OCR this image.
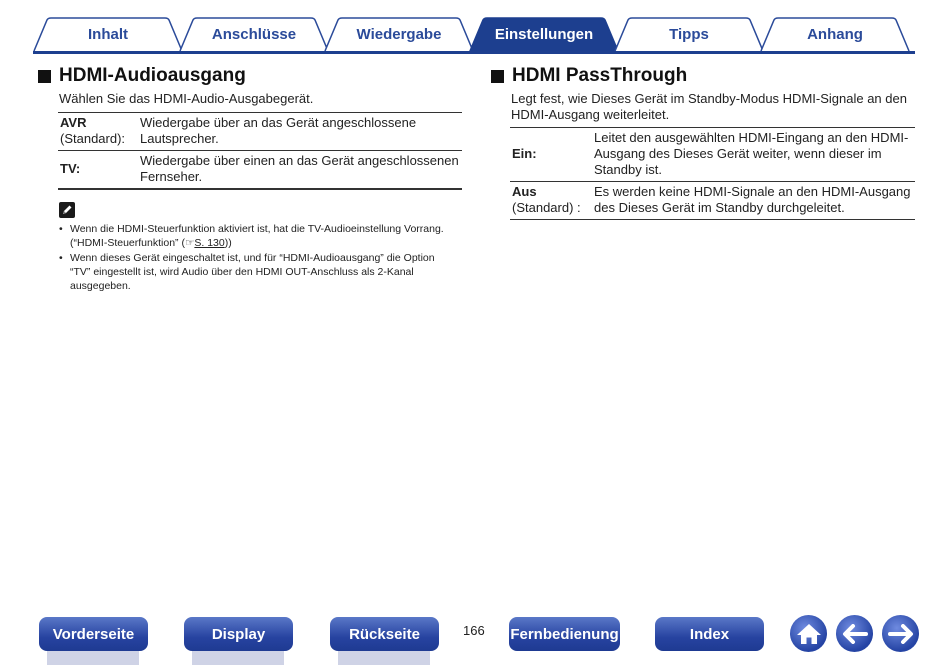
Inhalt	Anschlüsse	Wiedergabe	Einstellungen	Tipps	Anhang
HDMI-Audioausgang
Wählen Sie das HDMI-Audio-Ausgabegerät.
AVR
(Standard):	Wiedergabe über an das Gerät angeschlossene Lautsprecher.

TV:	Wiedergabe über einen an das Gerät angeschlossenen Fernseher.
• Wenn die HDMI-Steuerfunktion aktiviert ist, hat die TV-Audioeinstellung Vorrang. (“HDMI-Steuerfunktion” (☞S. 130))
• Wenn dieses Gerät eingeschaltet ist, und für “HDMI-Audioausgang” die Option “TV” eingestellt ist, wird Audio über den HDMI OUT-Anschluss als 2-Kanal ausgegeben.
HDMI PassThrough
Legt fest, wie Dieses Gerät im Standby-Modus HDMI-Signale an den HDMI-Ausgang weiterleitet.
Ein:	Leitet den ausgewählten HDMI-Eingang an den HDMI-Ausgang des Dieses Gerät weiter, wenn dieser im Standby ist.

Aus
(Standard) :	Es werden keine HDMI-Signale an den HDMI-Ausgang des Dieses Gerät im Standby durchgeleitet.
Vorderseite	Display	Rückseite	166 Fernbedienung	Index
